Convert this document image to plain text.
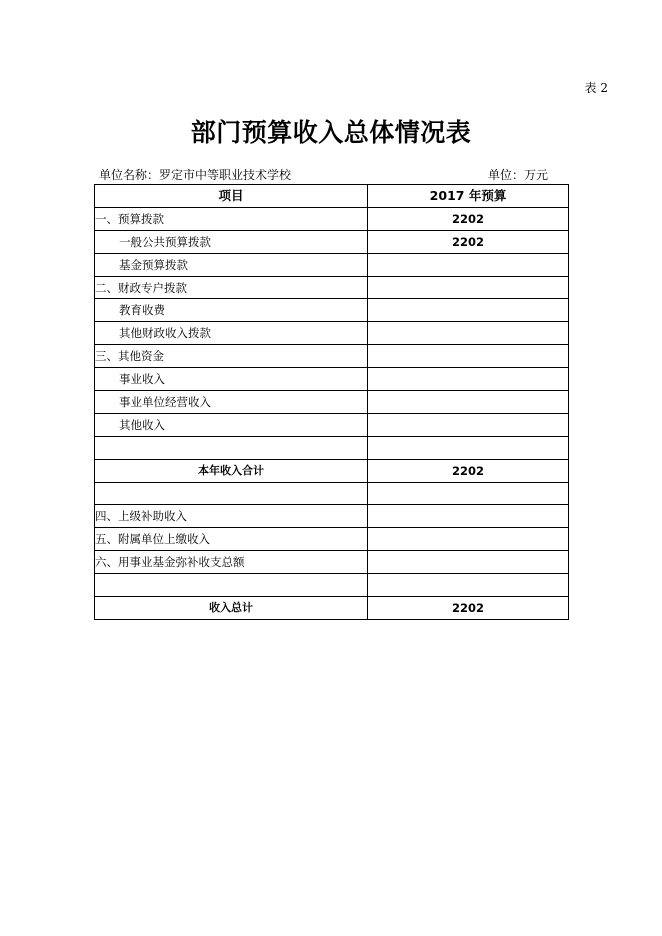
表 2
部门预算收入总体情况表
单位名称：罗定市中等职业技术学校	单位：万元
项目	2017 年预算
一、预算拨款	2202
一般公共预算拨款	2202
基金预算拨款	
二、财政专户拨款	
教育收费	
其他财政收入拨款	
三、其他资金	
事业收入	
事业单位经营收入	
其他收入	

本年收入合计	2202

四、上级补助收入	
五、附属单位上缴收入	
六、用事业基金弥补收支总额	

收入总计	2202
